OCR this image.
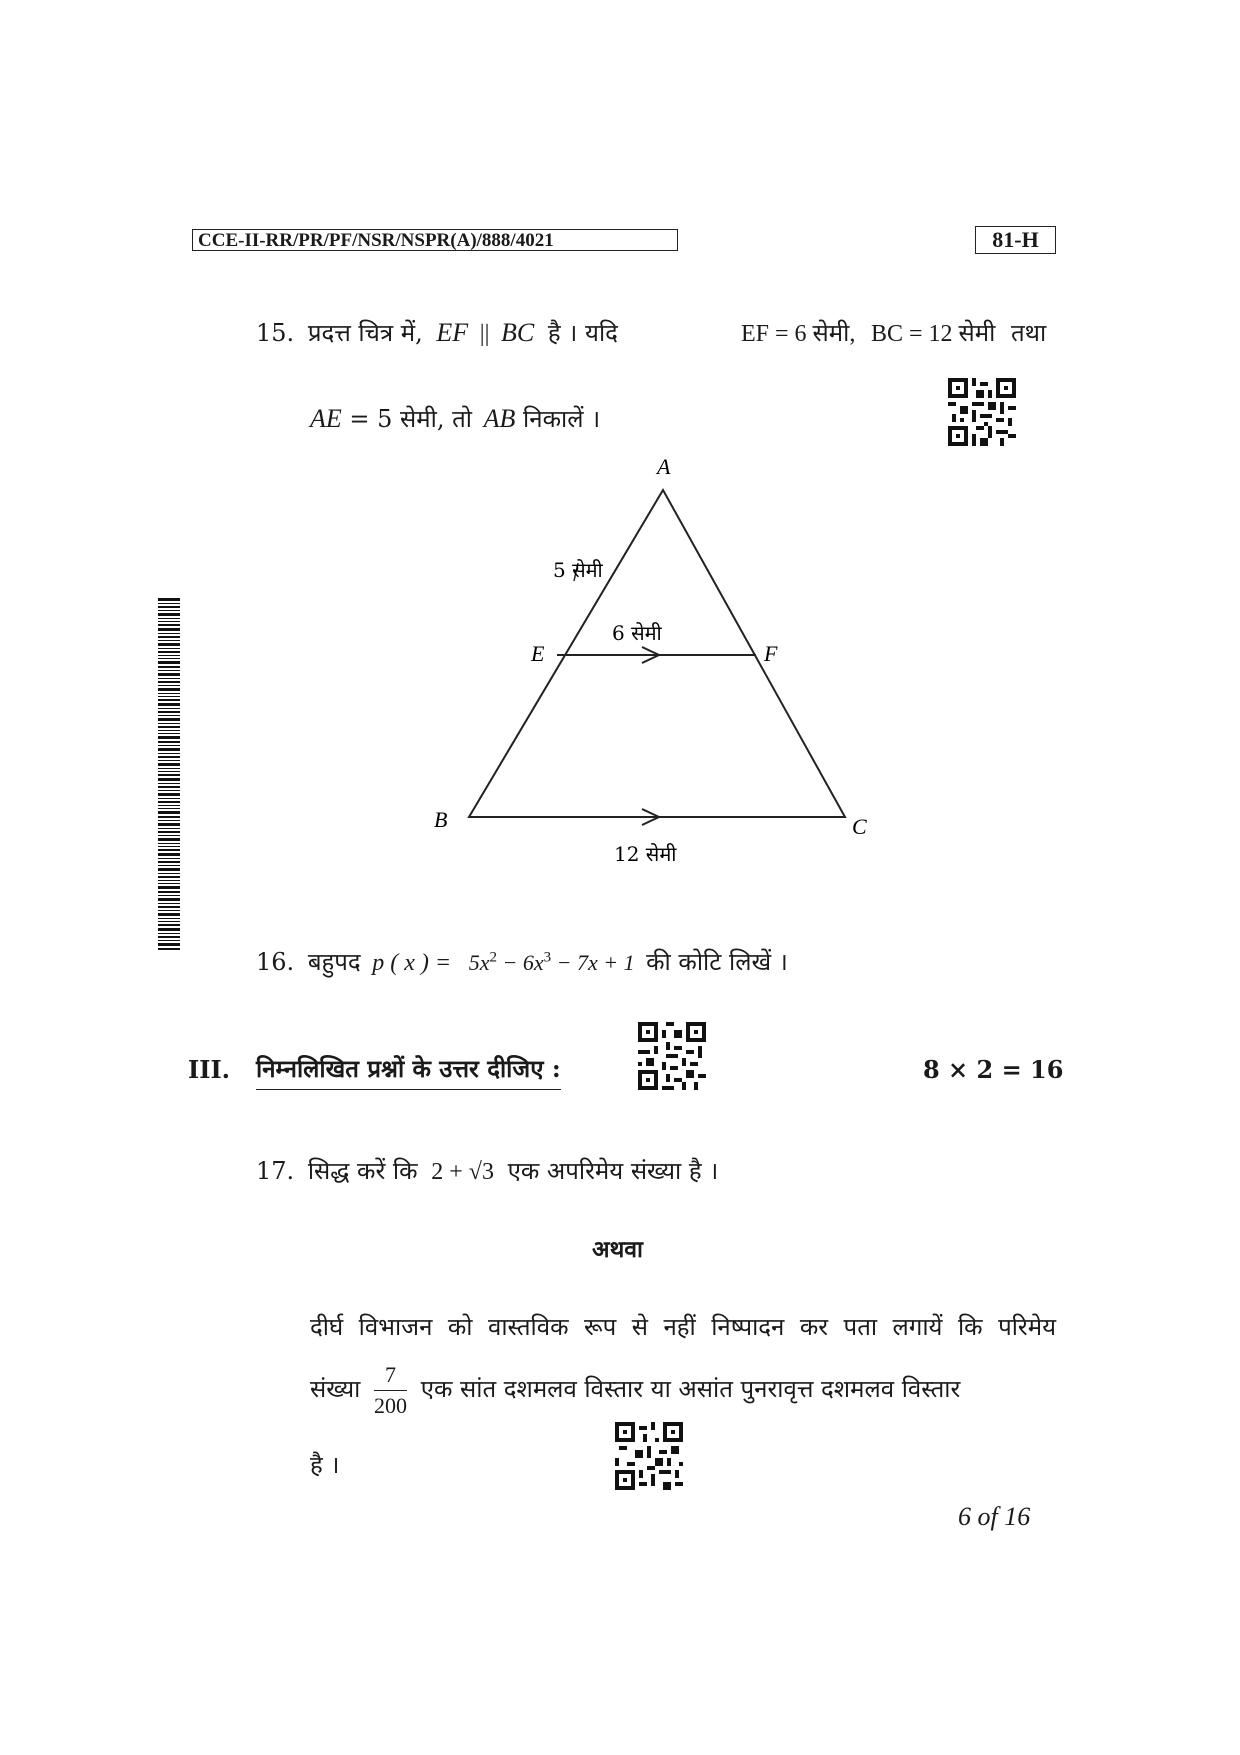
CCE-II-RR/PR/PF/NSR/NSPR(A)/888/4021	81-H
15. प्रदत्त चित्र में, EF || BC है । यदि	EF = 6 सेमी, BC = 12 सेमी तथा
AE = 5 सेमी, तो AB निकालें ।
A
B	C
E	F
5 सेमी
6 सेमी
12 सेमी
16. बहुपद p ( x ) = $5x^2 - 6x^3 - 7x + 1$ की कोटि लिखें ।
III. निम्नलिखित प्रश्नों के उत्तर दीजिए :	8 × 2 = 16
17. सिद्ध करें कि 2 + √3 एक अपरिमेय संख्या है ।
अथवा
दीर्घ विभाजन को वास्तविक रूप से नहीं निष्पादन कर पता लगायें कि परिमेय
संख्या $\frac{7}{200}$ एक सांत दशमलव विस्तार या असांत पुनरावृत्त दशमलव विस्तार
है ।
6 of 16
